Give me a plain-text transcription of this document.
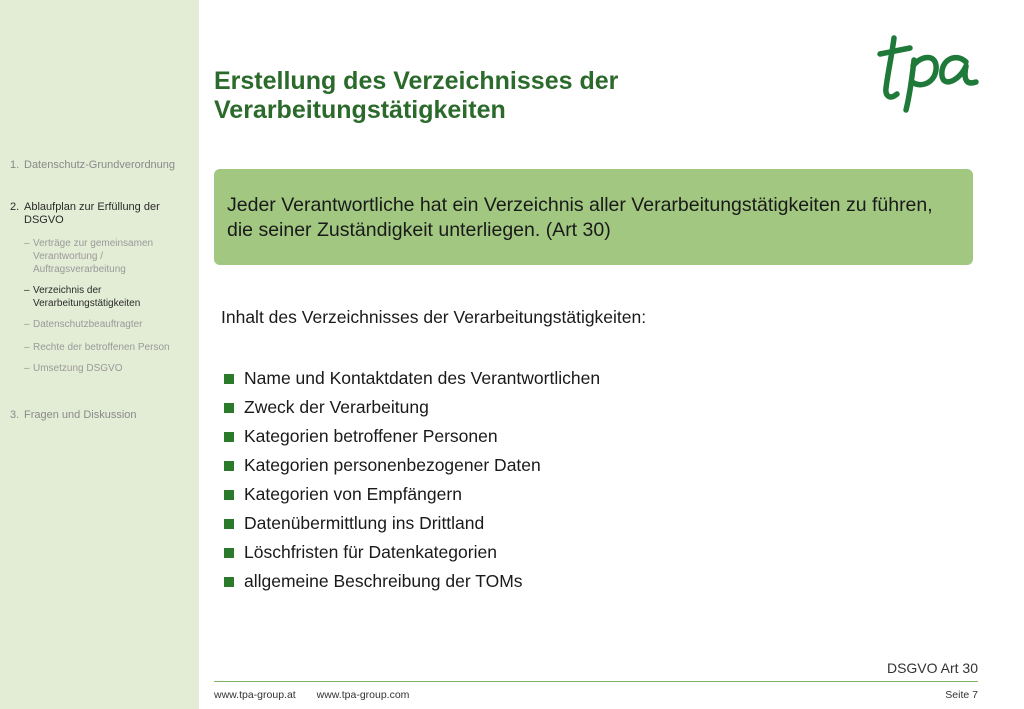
1. Datenschutz-Grundverordnung
2. Ablaufplan zur Erfüllung der DSGVO
– Verträge zur gemeinsamen Verantwortung / Auftragsverarbeitung
– Verzeichnis der Verarbeitungstätigkeiten
– Datenschutzbeauftragter
– Rechte der betroffenen Person
– Umsetzung DSGVO
3. Fragen und Diskussion
Erstellung des Verzeichnisses der Verarbeitungstätigkeiten
Jeder Verantwortliche hat ein Verzeichnis aller Verarbeitungstätigkeiten zu führen, die seiner Zuständigkeit unterliegen. (Art 30)
Inhalt des Verzeichnisses der Verarbeitungstätigkeiten:
Name und Kontaktdaten des Verantwortlichen
Zweck der Verarbeitung
Kategorien betroffener Personen
Kategorien personenbezogener Daten
Kategorien von Empfängern
Datenübermittlung ins Drittland
Löschfristen für Datenkategorien
allgemeine Beschreibung der TOMs
DSGVO Art 30
www.tpa-group.at www.tpa-group.com	Seite 7
